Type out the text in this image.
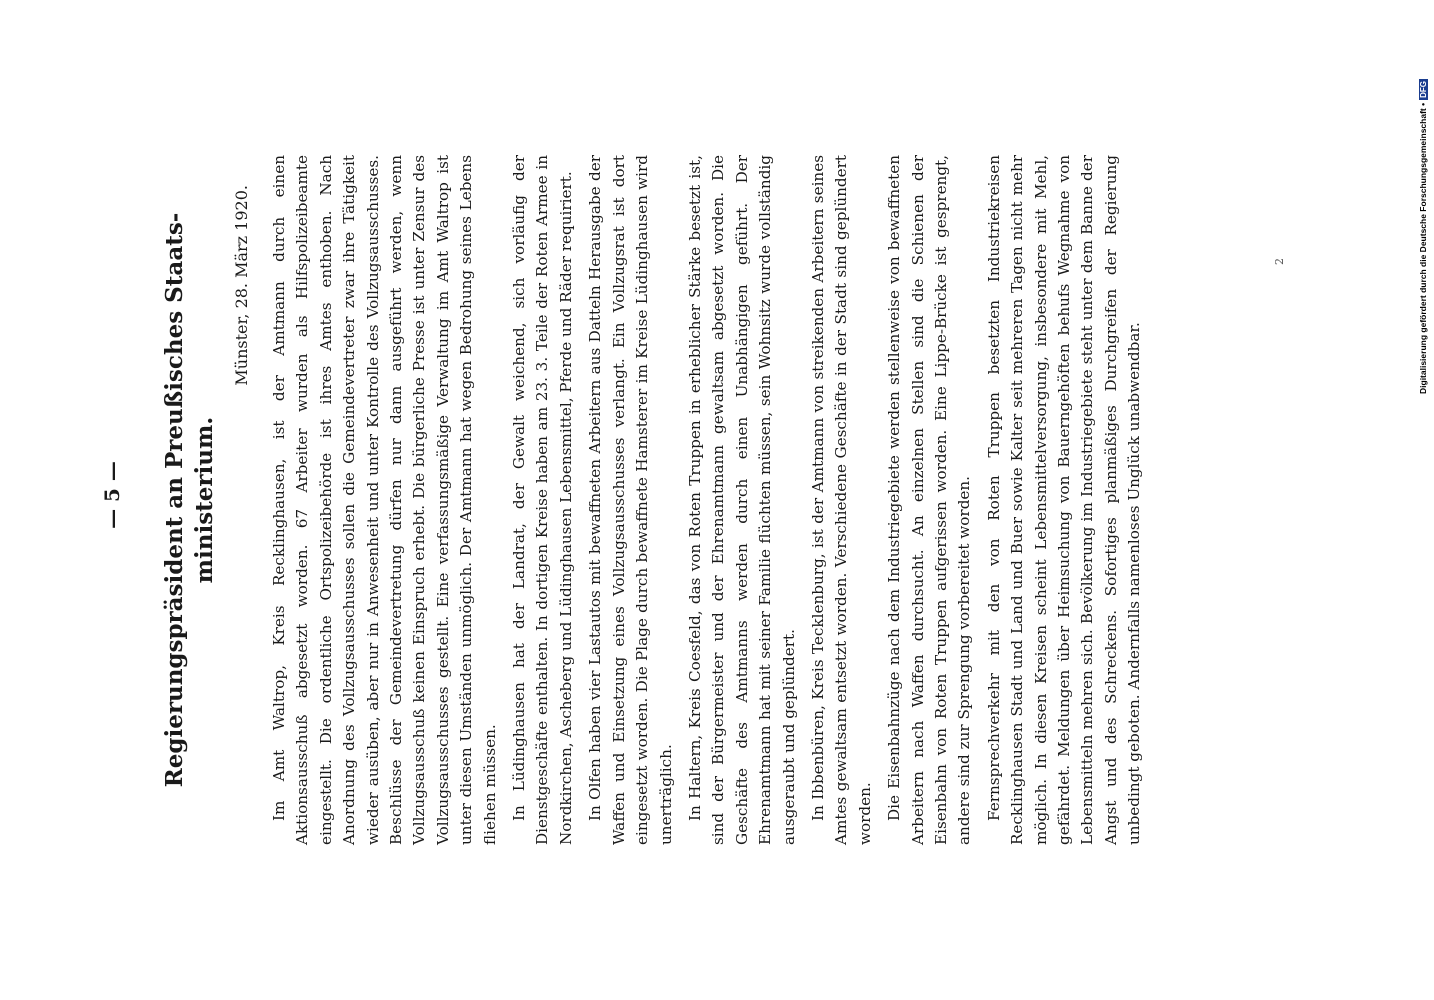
Im Amt Waltrop, Kreis Recklinghausen, ist der Amtmann durch einen Aktionsausschuß abgesetzt worden. 67 Arbeiter wurden als Hilfspolizeibeamte eingestellt. Die ordentliche Ortspolizeibehörde ist ihres Amtes enthoben. Nach Anordnung des Vollzugsausschusses sollen die Gemeindevertreter zwar ihre Tätigkeit wieder ausüben, aber nur in Anwesenheit und unter Kontrolle des Vollzugsausschusses. Beschlüsse der Gemeindevertretung dürfen nur dann ausgeführt werden, wenn Vollzugsausschuß keinen Einspruch erhebt. Die bürgerliche Presse ist unter Zensur des Vollzugsausschusses gestellt. Eine verfassungsmäßige Verwaltung im Amt Waltrop ist unter diesen Umständen unmöglich. Der Amtmann hat wegen Bedrohung seines Lebens fliehen müssen. In Lüdinghausen hat der Landrat, der Gewalt weichend, sich vorläufig der Dienstgeschäfte enthalten. In dortigen Kreise haben am 23. 3. Teile der Roten Armee in Nordkirchen, Ascheberg und Lüdinghausen Lebensmittel, Pferde und Räder requiriert. In Olfen haben vier Lastautos mit bewaffneten Arbeitern aus Datteln Herausgabe der Waffen und Einsetzung eines Vollzugsausschusses verlangt. Ein Vollzugsrat ist dort eingesetzt worden. Die Plage durch bewaffnete Hamsterer im Kreise Lüdinghausen wird unerträglich. In Haltern, Kreis Coesfeld, das von Roten Truppen in erheblicher Stärke besetzt ist, sind der Bürgermeister und der Ehrenamtmann gewaltsam abgesetzt worden. Die Geschäfte des Amtmanns werden durch einen Unabhängigen geführt. Der Ehrenamtmann hat mit seiner Familie flüchten müssen, sein Wohnsitz wurde vollständig ausgeraubt und geplündert. In Ibbenbüren, Kreis Tecklenburg, ist der Amtmann von streikenden Arbeitern seines Amtes gewaltsam entsetzt worden. Verschiedene Geschäfte in der Stadt sind geplündert worden. Die Eisenbahnzüge nach dem Industriegebiete werden stellenweise von bewaffneten Arbeitern nach Waffen durchsucht. An einzelnen Stellen sind die Schienen der Eisenbahn von Roten Truppen aufgerissen worden. Eine Lippe-Brücke ist gesprengt, andere sind zur Sprengung vorbereitet worden. Fernsprechverkehr mit den von Roten Truppen besetzten Industriekreisen Recklinghausen Stadt und Land und Buer sowie Kalter seit mehreren Tagen nicht mehr möglich. In diesen Kreisen scheint Lebensmittelversorgung, insbesondere mit Mehl, gefährdet. Meldungen über Heimsuchung von Bauerngehöften behufs Wegnahme von Lebensmitteln mehren sich. Bevölkerung im Industriegebiete steht unter dem Banne der Angst und des Schreckens. Sofortiges planmäßiges Durchgreifen der Regierung unbedingt geboten. Andernfalls namenloses Unglück unabwendbar.

— 5 — Regierungspräsident an Preußisches Staats- ministerium.
Münster, 28. März 1920.	2	Digitalisierung gefördert durch die Deutsche Forschungsgemeinschaft •DFG
